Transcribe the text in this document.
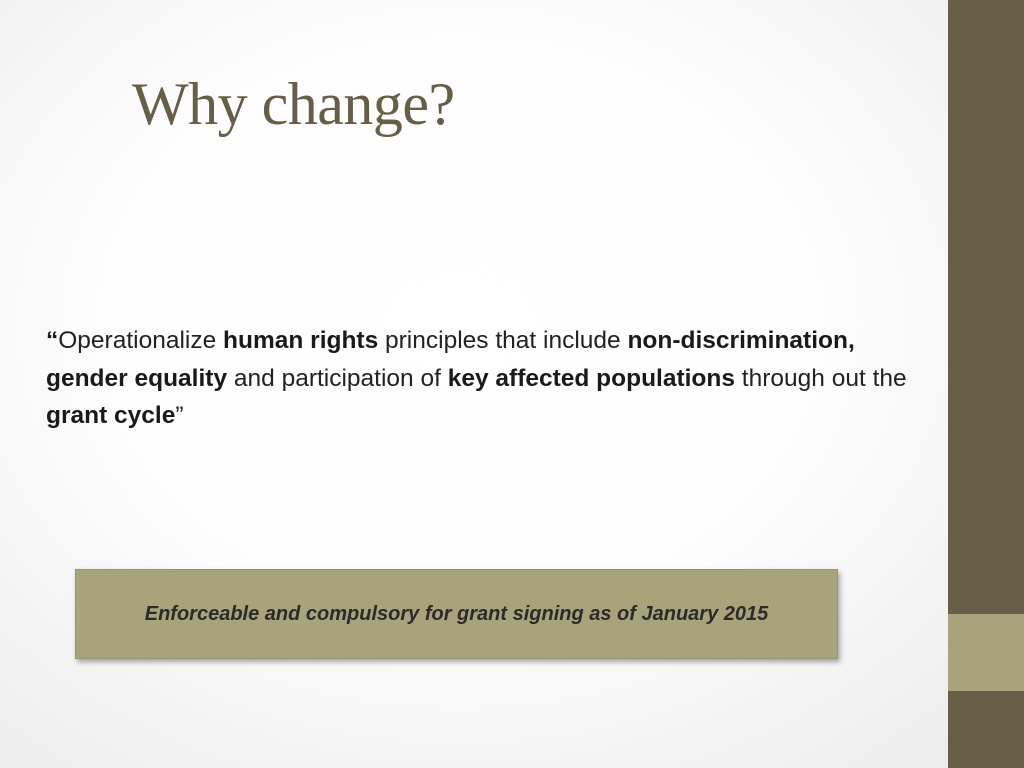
Why change?

“Operationalize human rights principles that include non-discrimination, gender equality and participation of key affected populations through out the grant cycle”

Enforceable and compulsory for grant signing as of January 2015
